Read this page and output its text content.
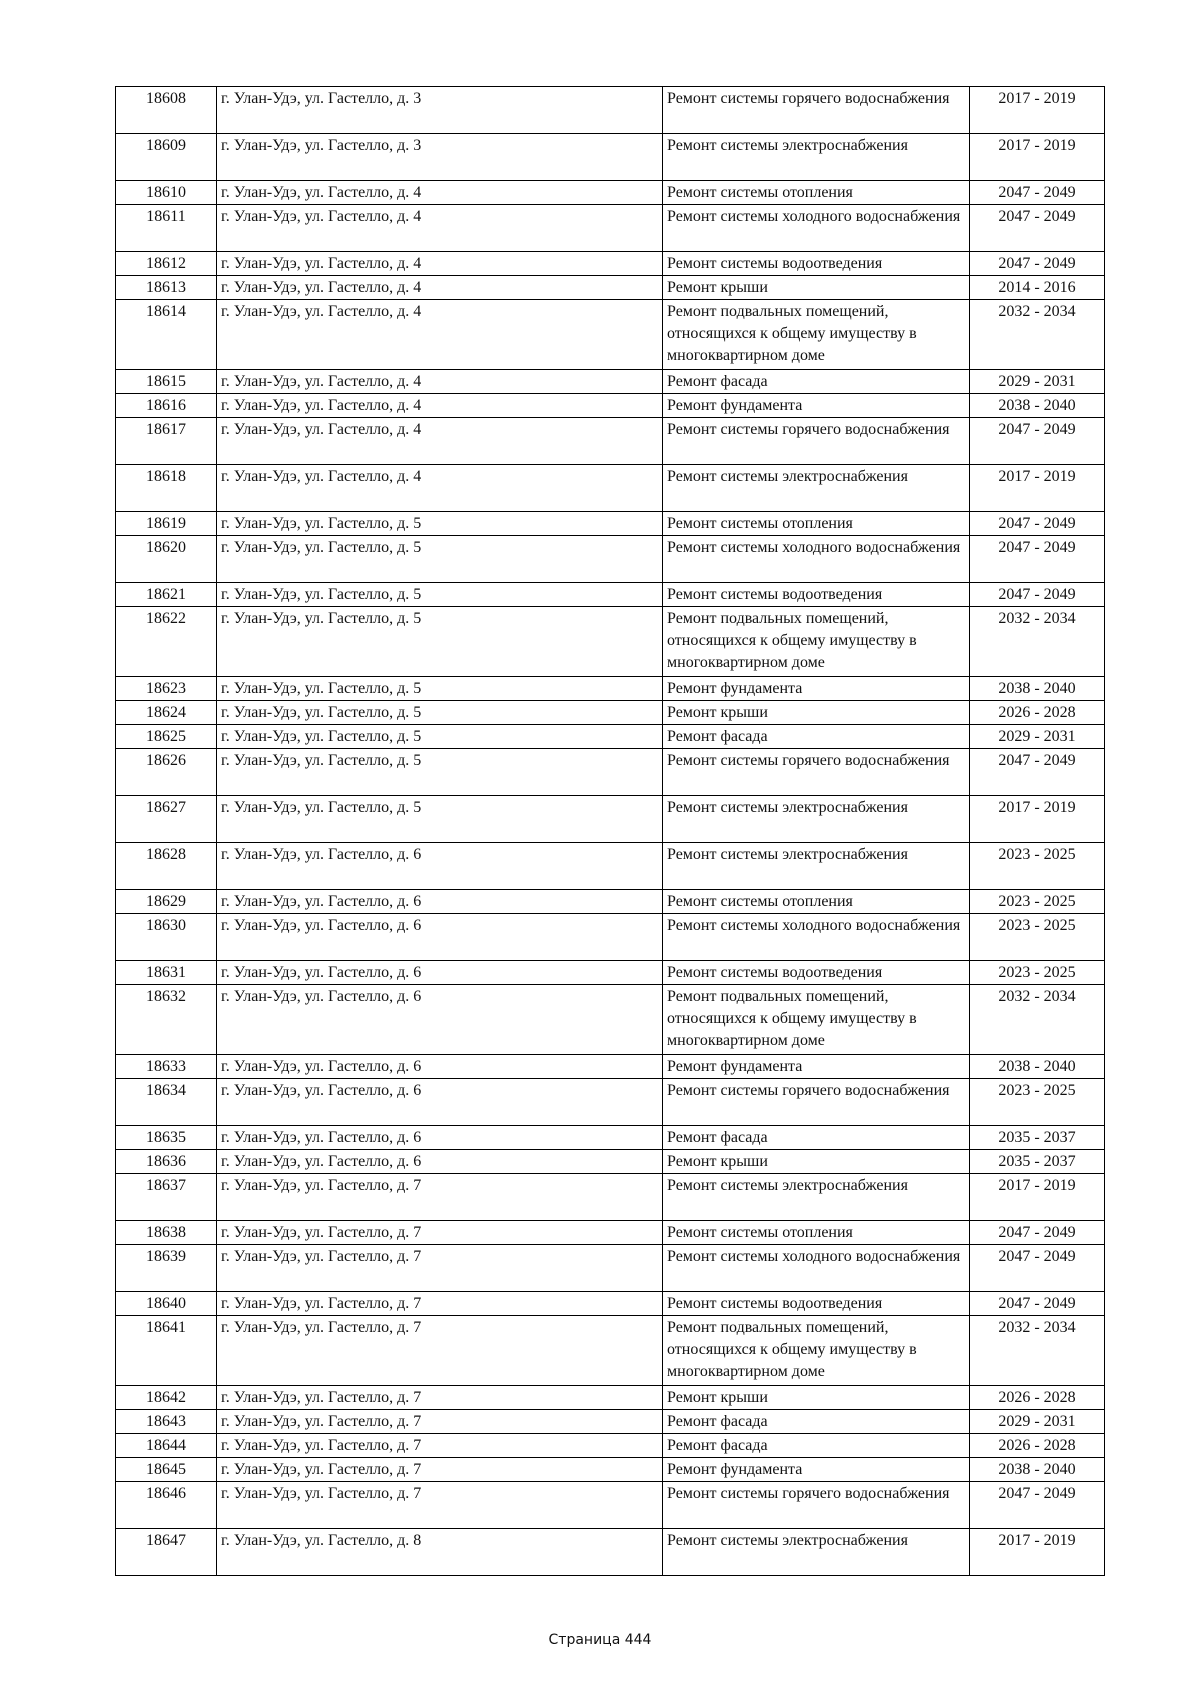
18608	г. Улан-Удэ, ул. Гастелло, д. 3	Ремонт системы горячего водоснабжения	2017 - 2019
18609	г. Улан-Удэ, ул. Гастелло, д. 3	Ремонт системы электроснабжения	2017 - 2019
18610	г. Улан-Удэ, ул. Гастелло, д. 4	Ремонт системы отопления	2047 - 2049
18611	г. Улан-Удэ, ул. Гастелло, д. 4	Ремонт системы холодного водоснабжения	2047 - 2049
18612	г. Улан-Удэ, ул. Гастелло, д. 4	Ремонт системы водоотведения	2047 - 2049
18613	г. Улан-Удэ, ул. Гастелло, д. 4	Ремонт крыши	2014 - 2016
18614	г. Улан-Удэ, ул. Гастелло, д. 4	Ремонт подвальных помещений, относящихся к общему имуществу в многоквартирном доме	2032 - 2034
18615	г. Улан-Удэ, ул. Гастелло, д. 4	Ремонт фасада	2029 - 2031
18616	г. Улан-Удэ, ул. Гастелло, д. 4	Ремонт фундамента	2038 - 2040
18617	г. Улан-Удэ, ул. Гастелло, д. 4	Ремонт системы горячего водоснабжения	2047 - 2049
18618	г. Улан-Удэ, ул. Гастелло, д. 4	Ремонт системы электроснабжения	2017 - 2019
18619	г. Улан-Удэ, ул. Гастелло, д. 5	Ремонт системы отопления	2047 - 2049
18620	г. Улан-Удэ, ул. Гастелло, д. 5	Ремонт системы холодного водоснабжения	2047 - 2049
18621	г. Улан-Удэ, ул. Гастелло, д. 5	Ремонт системы водоотведения	2047 - 2049
18622	г. Улан-Удэ, ул. Гастелло, д. 5	Ремонт подвальных помещений, относящихся к общему имуществу в многоквартирном доме	2032 - 2034
18623	г. Улан-Удэ, ул. Гастелло, д. 5	Ремонт фундамента	2038 - 2040
18624	г. Улан-Удэ, ул. Гастелло, д. 5	Ремонт крыши	2026 - 2028
18625	г. Улан-Удэ, ул. Гастелло, д. 5	Ремонт фасада	2029 - 2031
18626	г. Улан-Удэ, ул. Гастелло, д. 5	Ремонт системы горячего водоснабжения	2047 - 2049
18627	г. Улан-Удэ, ул. Гастелло, д. 5	Ремонт системы электроснабжения	2017 - 2019
18628	г. Улан-Удэ, ул. Гастелло, д. 6	Ремонт системы электроснабжения	2023 - 2025
18629	г. Улан-Удэ, ул. Гастелло, д. 6	Ремонт системы отопления	2023 - 2025
18630	г. Улан-Удэ, ул. Гастелло, д. 6	Ремонт системы холодного водоснабжения	2023 - 2025
18631	г. Улан-Удэ, ул. Гастелло, д. 6	Ремонт системы водоотведения	2023 - 2025
18632	г. Улан-Удэ, ул. Гастелло, д. 6	Ремонт подвальных помещений, относящихся к общему имуществу в многоквартирном доме	2032 - 2034
18633	г. Улан-Удэ, ул. Гастелло, д. 6	Ремонт фундамента	2038 - 2040
18634	г. Улан-Удэ, ул. Гастелло, д. 6	Ремонт системы горячего водоснабжения	2023 - 2025
18635	г. Улан-Удэ, ул. Гастелло, д. 6	Ремонт фасада	2035 - 2037
18636	г. Улан-Удэ, ул. Гастелло, д. 6	Ремонт крыши	2035 - 2037
18637	г. Улан-Удэ, ул. Гастелло, д. 7	Ремонт системы электроснабжения	2017 - 2019
18638	г. Улан-Удэ, ул. Гастелло, д. 7	Ремонт системы отопления	2047 - 2049
18639	г. Улан-Удэ, ул. Гастелло, д. 7	Ремонт системы холодного водоснабжения	2047 - 2049
18640	г. Улан-Удэ, ул. Гастелло, д. 7	Ремонт системы водоотведения	2047 - 2049
18641	г. Улан-Удэ, ул. Гастелло, д. 7	Ремонт подвальных помещений, относящихся к общему имуществу в многоквартирном доме	2032 - 2034
18642	г. Улан-Удэ, ул. Гастелло, д. 7	Ремонт крыши	2026 - 2028
18643	г. Улан-Удэ, ул. Гастелло, д. 7	Ремонт фасада	2029 - 2031
18644	г. Улан-Удэ, ул. Гастелло, д. 7	Ремонт фасада	2026 - 2028
18645	г. Улан-Удэ, ул. Гастелло, д. 7	Ремонт фундамента	2038 - 2040
18646	г. Улан-Удэ, ул. Гастелло, д. 7	Ремонт системы горячего водоснабжения	2047 - 2049
18647	г. Улан-Удэ, ул. Гастелло, д. 8	Ремонт системы электроснабжения	2017 - 2019
Страница 444
